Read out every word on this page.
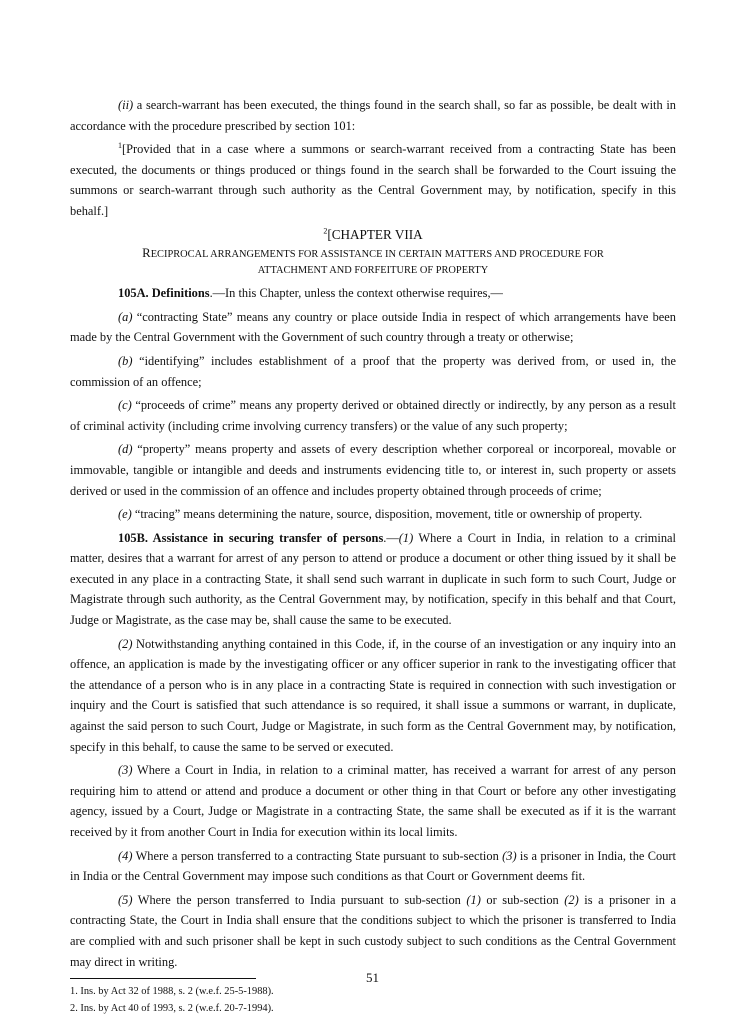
(ii) a search-warrant has been executed, the things found in the search shall, so far as possible, be dealt with in accordance with the procedure prescribed by section 101:

$^1$[Provided that in a case where a summons or search-warrant received from a contracting State has been executed, the documents or things produced or things found in the search shall be forwarded to the Court issuing the summons or search-warrant through such authority as the Central Government may, by notification, specify in this behalf.]

$^2$[CHAPTER VIIA

RECIPROCAL ARRANGEMENTS FOR ASSISTANCE IN CERTAIN MATTERS AND PROCEDURE FOR
ATTACHMENT AND FORFEITURE OF PROPERTY

105A. Definitions.—In this Chapter, unless the context otherwise requires,—

(a) “contracting State” means any country or place outside India in respect of which arrangements have been made by the Central Government with the Government of such country through a treaty or otherwise;

(b) “identifying” includes establishment of a proof that the property was derived from, or used in, the commission of an offence;

(c) “proceeds of crime” means any property derived or obtained directly or indirectly, by any person as a result of criminal activity (including crime involving currency transfers) or the value of any such property;

(d) “property” means property and assets of every description whether corporeal or incorporeal, movable or immovable, tangible or intangible and deeds and instruments evidencing title to, or interest in, such property or assets derived or used in the commission of an offence and includes property obtained through proceeds of crime;

(e) “tracing” means determining the nature, source, disposition, movement, title or ownership of property.

105B. Assistance in securing transfer of persons.—(1) Where a Court in India, in relation to a criminal matter, desires that a warrant for arrest of any person to attend or produce a document or other thing issued by it shall be executed in any place in a contracting State, it shall send such warrant in duplicate in such form to such Court, Judge or Magistrate through such authority, as the Central Government may, by notification, specify in this behalf and that Court, Judge or Magistrate, as the case may be, shall cause the same to be executed.

(2) Notwithstanding anything contained in this Code, if, in the course of an investigation or any inquiry into an offence, an application is made by the investigating officer or any officer superior in rank to the investigating officer that the attendance of a person who is in any place in a contracting State is required in connection with such investigation or inquiry and the Court is satisfied that such attendance is so required, it shall issue a summons or warrant, in duplicate, against the said person to such Court, Judge or Magistrate, in such form as the Central Government may, by notification, specify in this behalf, to cause the same to be served or executed.

(3) Where a Court in India, in relation to a criminal matter, has received a warrant for arrest of any person requiring him to attend or attend and produce a document or other thing in that Court or before any other investigating agency, issued by a Court, Judge or Magistrate in a contracting State, the same shall be executed as if it is the warrant received by it from another Court in India for execution within its local limits.

(4) Where a person transferred to a contracting State pursuant to sub-section (3) is a prisoner in India, the Court in India or the Central Government may impose such conditions as that Court or Government deems fit.

(5) Where the person transferred to India pursuant to sub-section (1) or sub-section (2) is a prisoner in a contracting State, the Court in India shall ensure that the conditions subject to which the prisoner is transferred to India are complied with and such prisoner shall be kept in such custody subject to such conditions as the Central Government may direct in writing.

1. Ins. by Act 32 of 1988, s. 2 (w.e.f. 25-5-1988).

2. Ins. by Act 40 of 1993, s. 2 (w.e.f. 20-7-1994).

51
